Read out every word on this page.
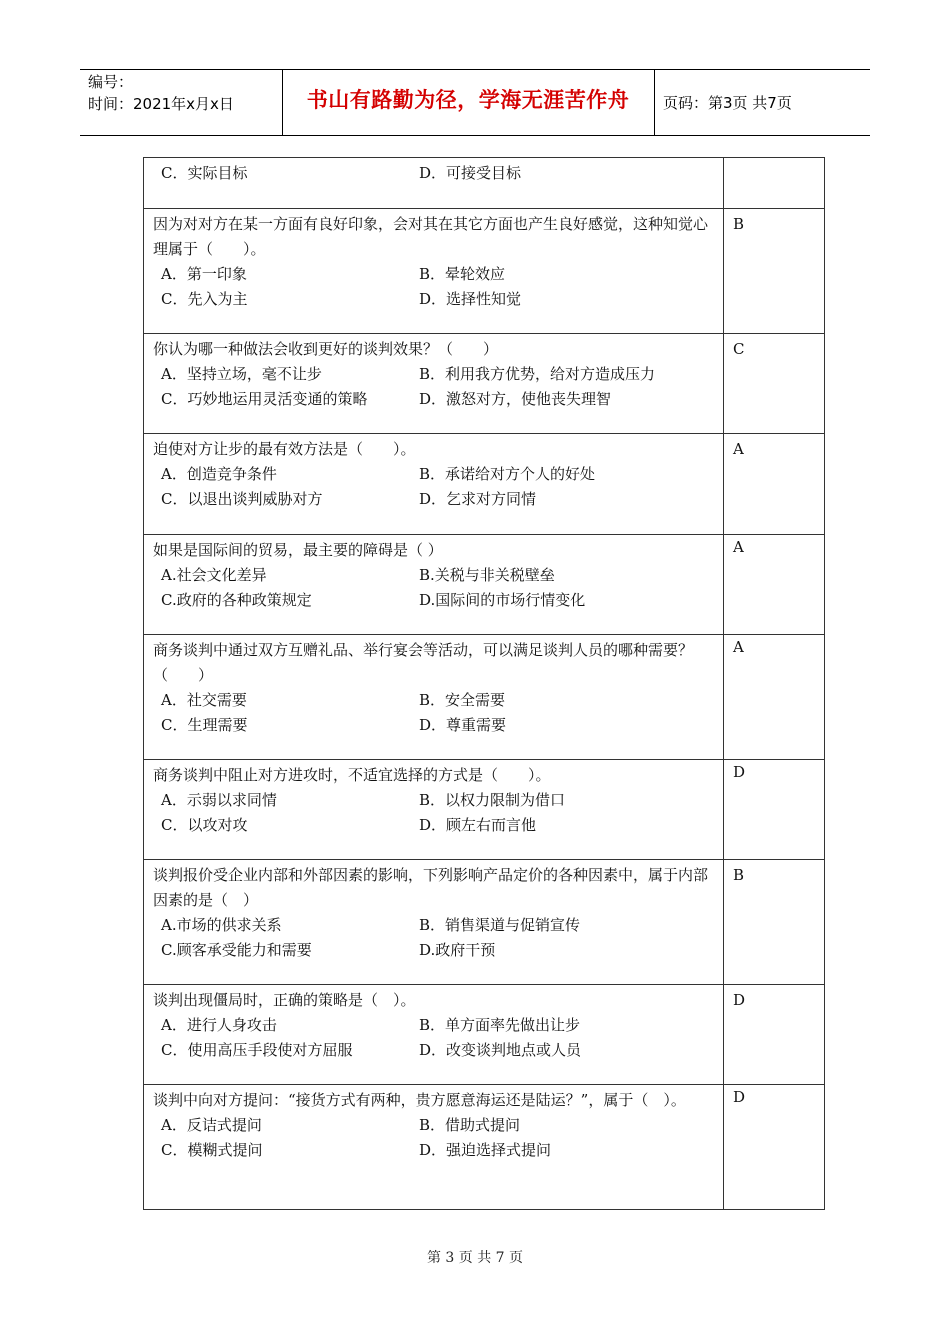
编号：
时间：2021年x月x日	书山有路勤为径，学海无涯苦作舟	页码：第3页 共7页
C．实际目标 D．可接受目标	

因为对对方在某一方面有良好印象，会对其在其它方面也产生良好感觉，这种知觉心理属于（　　）。
A．第一印象 B．晕轮效应
C．先入为主 D．选择性知觉	B

你认为哪一种做法会收到更好的谈判效果？（　　）
A．坚持立场，毫不让步 B．利用我方优势，给对方造成压力
C．巧妙地运用灵活变通的策略 D．激怒对方，使他丧失理智	C

迫使对方让步的最有效方法是（　　）。
A．创造竞争条件 B．承诺给对方个人的好处
C．以退出谈判威胁对方 D．乞求对方同情	A

如果是国际间的贸易，最主要的障碍是（ ）
A.社会文化差异 B.关税与非关税壁垒
C.政府的各种政策规定 D.国际间的市场行情变化	A

商务谈判中通过双方互赠礼品、举行宴会等活动，可以满足谈判人员的哪种需要？（　　）
A．社交需要 B．安全需要
C．生理需要 D．尊重需要	A

商务谈判中阻止对方进攻时，不适宜选择的方式是（　　）。
A．示弱以求同情 B．以权力限制为借口
C．以攻对攻 D．顾左右而言他	D

谈判报价受企业内部和外部因素的影响，下列影响产品定价的各种因素中，属于内部因素的是（　）
A.市场的供求关系 B．销售渠道与促销宣传
C.顾客承受能力和需要 D.政府干预	B

谈判出现僵局时，正确的策略是（　）。
A．进行人身攻击 B．单方面率先做出让步
C．使用高压手段使对方屈服 D．改变谈判地点或人员	D

谈判中向对方提问：“接货方式有两种，贵方愿意海运还是陆运？”，属于（　）。
A．反诘式提问 B．借助式提问
C．模糊式提问 D．强迫选择式提问	D
第 3 页 共 7 页
